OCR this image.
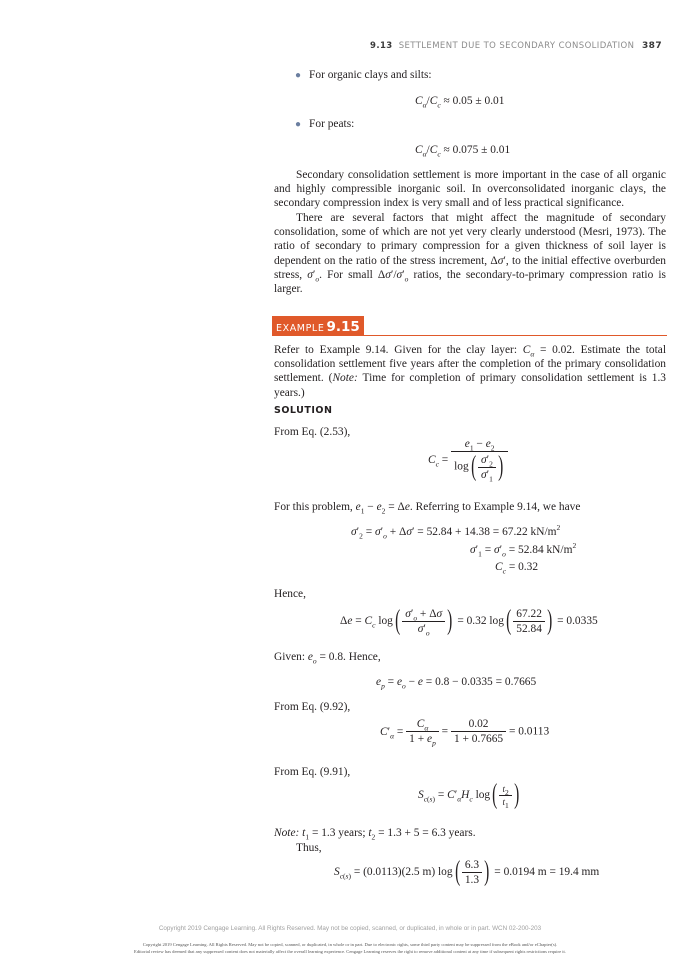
9.13 SETTLEMENT DUE TO SECONDARY CONSOLIDATION 387
● For organic clays and silts:
$C_\alpha/C_c \approx 0.05 \pm 0.01$
● For peats:
$C_\alpha/C_c \approx 0.075 \pm 0.01$
Secondary consolidation settlement is more important in the case of all organic and highly compressible inorganic soil. In overconsolidated inorganic clays, the secondary compression index is very small and of less practical significance.
There are several factors that might affect the magnitude of secondary consolidation, some of which are not yet very clearly understood (Mesri, 1973). The ratio of secondary to primary compression for a given thickness of soil layer is dependent on the ratio of the stress increment, Δσ′, to the initial effective overburden stress, $\sigma'_o$. For small $\Delta\sigma'/\sigma'_o$ ratios, the secondary-to-primary compression ratio is larger.
EXAMPLE 9.15
Refer to Example 9.14. Given for the clay layer: $C_\alpha = 0.02$. Estimate the total consolidation settlement five years after the completion of the primary consolidation settlement. (Note: Time for completion of primary consolidation settlement is 1.3 years.)
SOLUTION
From Eq. (2.53),
$C_c = \frac{e_1 - e_2}{\log( \frac{\sigma'_2}{\sigma'_1} )}$
For this problem, $e_1 - e_2 = \Delta e$. Referring to Example 9.14, we have
$\sigma'_2 = \sigma'_o + \Delta\sigma' = 52.84 + 14.38 = 67.22$ $kN/m^2$
$\sigma'_1 = \sigma'_o = 52.84$ $kN/m^2$
$C_c = 0.32$
Hence,
$\Delta e = C_c$ $\log( \frac{\sigma'_o + \Delta\sigma}{\sigma'_o}$ ) = 0.32 $\log( \frac{67.22}{52.84}$ ) = 0.0335
Given: $e_o = 0.8$. Hence,
$e_p = e_o - e = 0.8 - 0.0335 = 0.7665$
From Eq. (9.92),
$C'_\alpha = \frac{C_\alpha}{1 + e_p} = \frac{0.02}{1 + 0.7665} = 0.0113$
From Eq. (9.91),
$S_{c(s)} = C'_\alpha H_c$ $\log( \frac{t_2}{t_1}$ )
Note: $t_1 = 1.3$ years; $t_2 = 1.3 + 5 = 6.3$ years.
Thus,
$S_{c(s)} = (0.0113)(2.5$ m) $\log( \frac{6.3}{1.3}$ ) = 0.0194 m = 19.4 mm
Copyright 2019 Cengage Learning. All Rights Reserved. May not be copied, scanned, or duplicated, in whole or in part. WCN 02-200-203
Copyright 2019 Cengage Learning. All Rights Reserved. May not be copied, scanned, or duplicated, in whole or in part. Due to electronic rights, some third party content may be suppressed from the eBook and/or eChapter(s).
Editorial review has deemed that any suppressed content does not materially affect the overall learning experience. Cengage Learning reserves the right to remove additional content at any time if subsequent rights restrictions require it.
